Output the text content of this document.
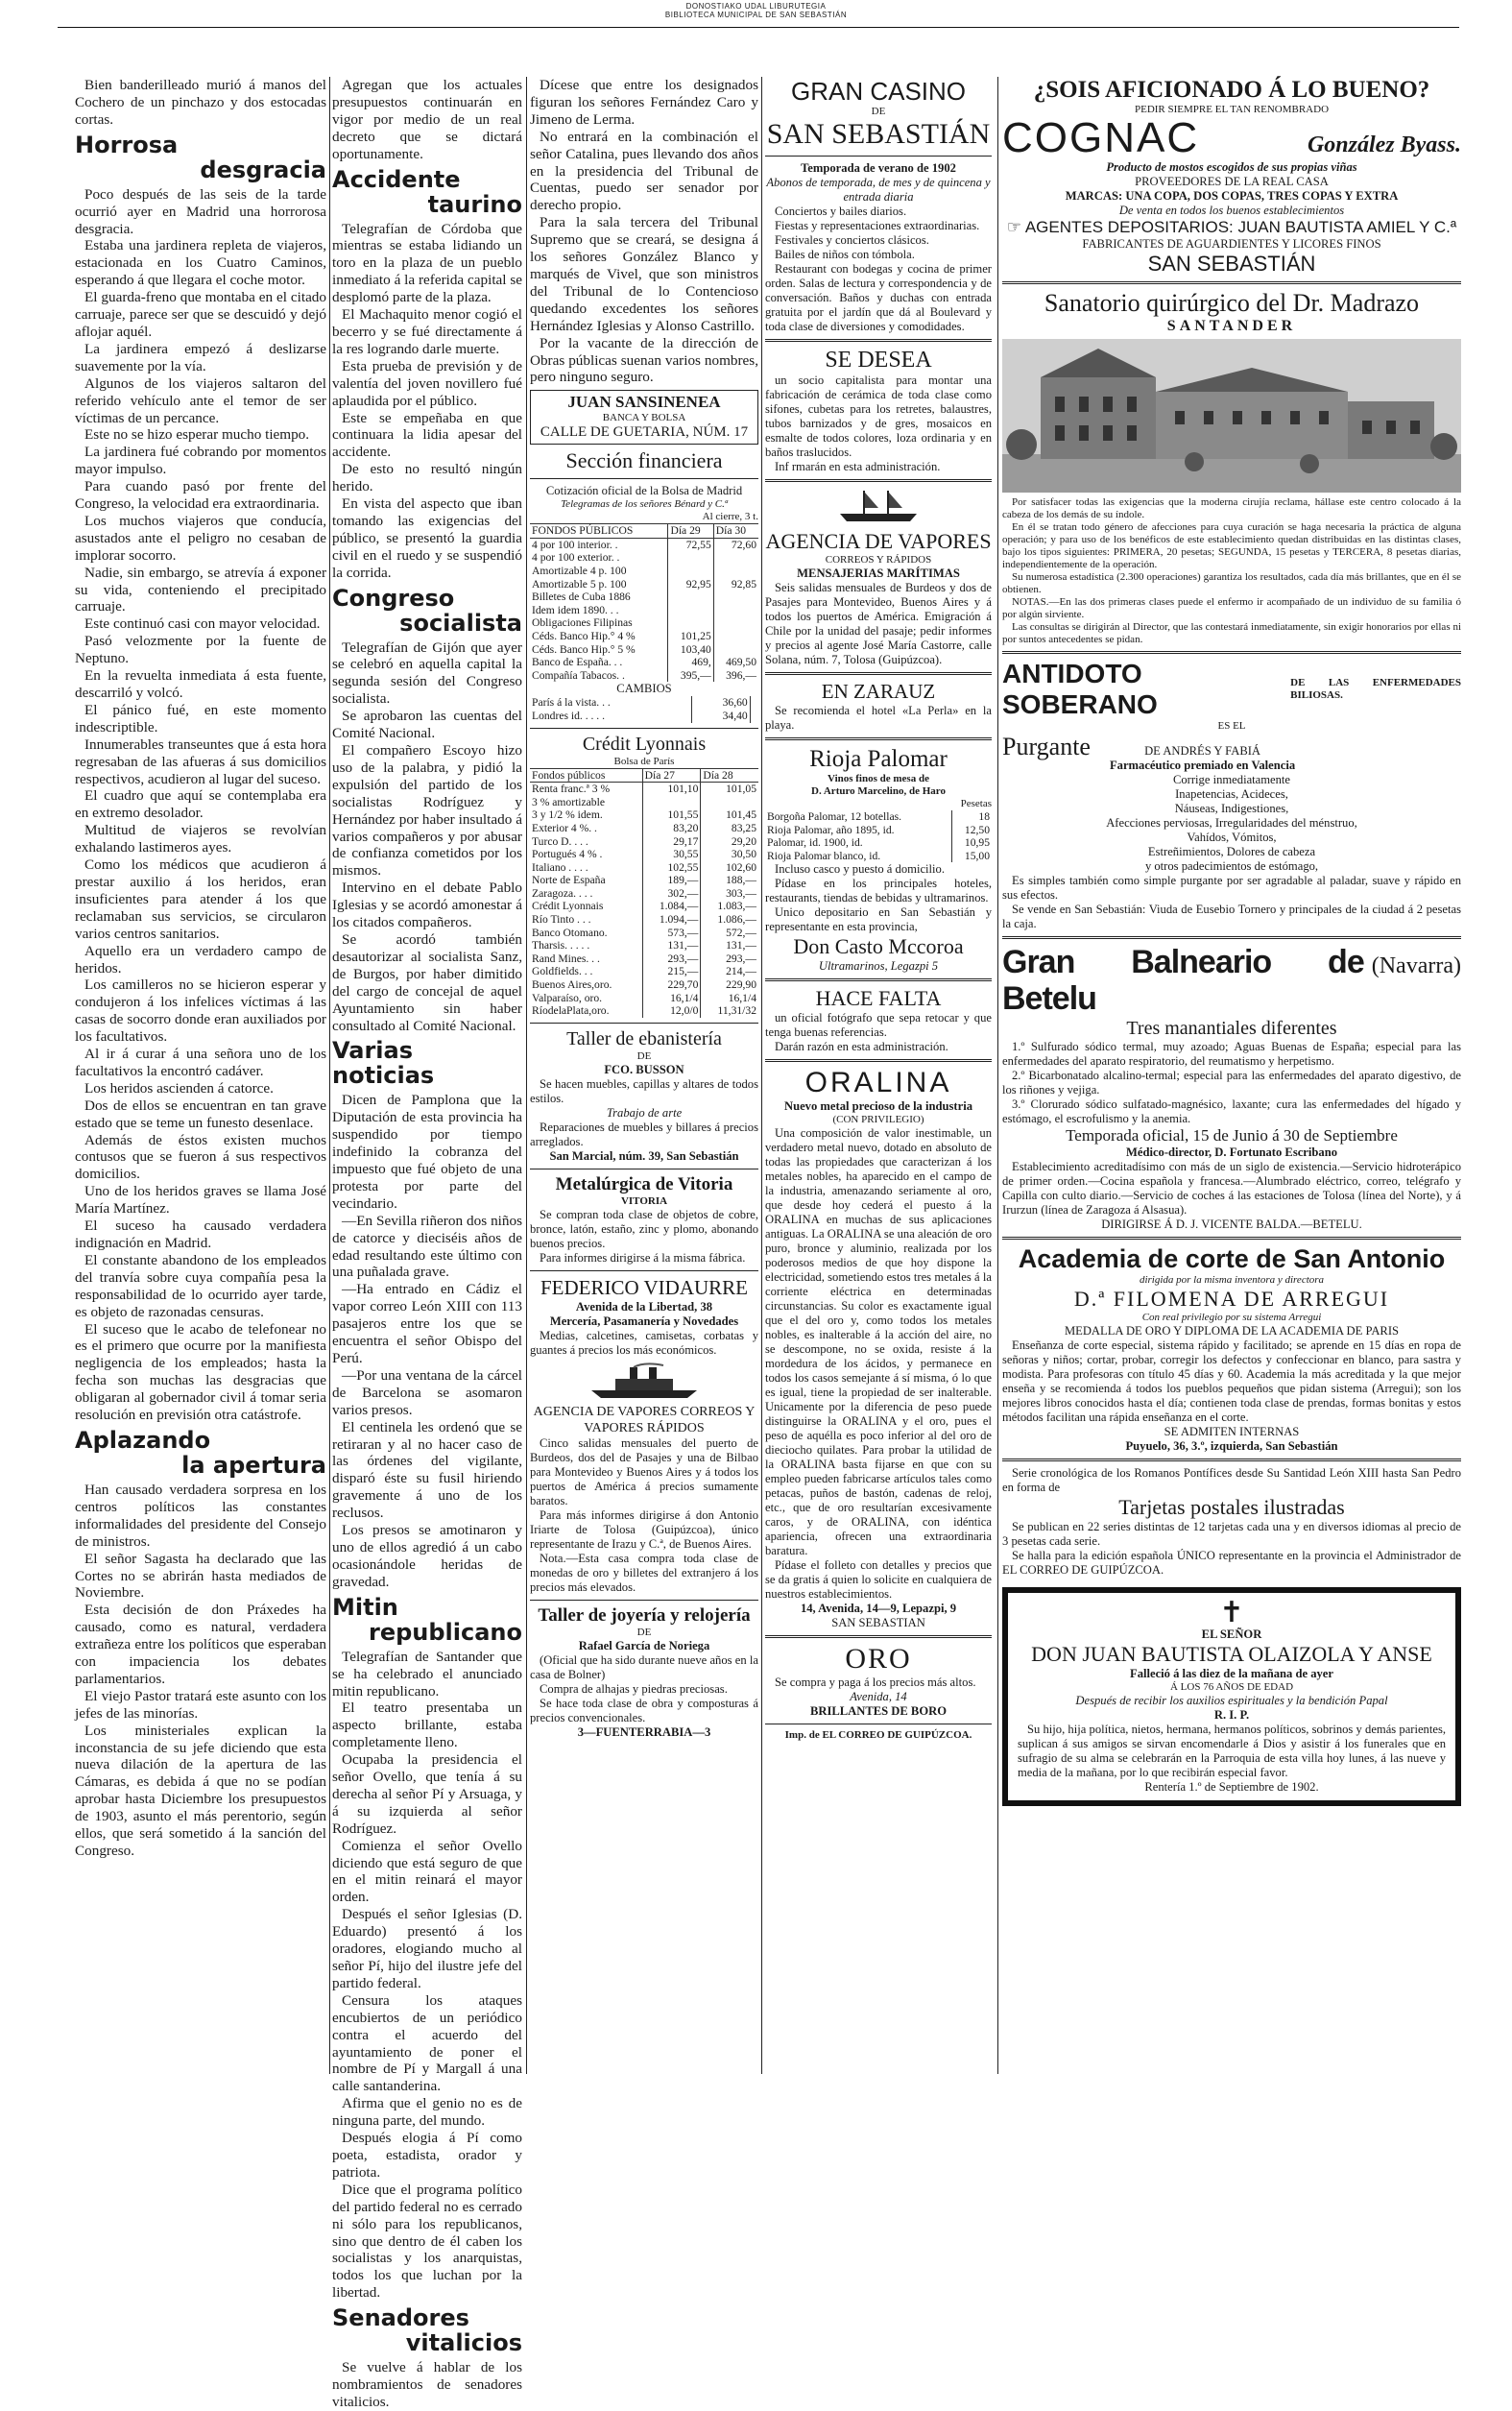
DONOSTIAKO UDAL LIBURUTEGIA
BIBLIOTECA MUNICIPAL DE SAN SEBASTIÁN

Bien banderilleado murió á manos del Cochero de un pinchazo y dos estocadas cortas.

Horrosa
desgracia

Poco después de las seis de la tarde ocurrió ayer en Madrid una horrorosa desgracia.

Estaba una jardinera repleta de viajeros, estacionada en los Cuatro Caminos, esperando á que llegara el coche motor.

El guarda-freno que montaba en el citado carruaje, parece ser que se descuidó y dejó aflojar aquél.

La jardinera empezó á deslizarse suavemente por la vía.

Algunos de los viajeros saltaron del referido vehículo ante el temor de ser víctimas de un percance.

Este no se hizo esperar mucho tiempo.

La jardinera fué cobrando por momentos mayor impulso.

Para cuando pasó por frente del Congreso, la velocidad era extraordinaria.

Los muchos viajeros que conducía, asustados ante el peligro no cesaban de implorar socorro.

Nadie, sin embargo, se atrevía á exponer su vida, conteniendo el precipitado carruaje.

Este continuó casi con mayor velocidad.

Pasó velozmente por la fuente de Neptuno.

En la revuelta inmediata á esta fuente, descarriló y volcó.

El pánico fué, en este momento indescriptible.

Innumerables transeuntes que á esta hora regresaban de las afueras á sus domicilios respectivos, acudieron al lugar del suceso.

El cuadro que aquí se contemplaba era en extremo desolador.

Multitud de viajeros se revolvían exhalando lastimeros ayes.

Como los médicos que acudieron á prestar auxilio á los heridos, eran insuficientes para atender á los que reclamaban sus servicios, se circularon varios centros sanitarios.

Aquello era un verdadero campo de heridos.

Los camilleros no se hicieron esperar y condujeron á los infelices víctimas á las casas de socorro donde eran auxiliados por los facultativos.

Al ir á curar á una señora uno de los facultativos la encontró cadáver.

Los heridos ascienden á catorce.

Dos de ellos se encuentran en tan grave estado que se teme un funesto desenlace.

Además de éstos existen muchos contusos que se fueron á sus respectivos domicilios.

Uno de los heridos graves se llama José María Martínez.

El suceso ha causado verdadera indignación en Madrid.

El constante abandono de los empleados del tranvía sobre cuya compañía pesa la responsabilidad de lo ocurrido ayer tarde, es objeto de razonadas censuras.

El suceso que le acabo de telefonear no es el primero que ocurre por la manifiesta negligencia de los empleados; hasta la fecha son muchas las desgracias que obligaran al gobernador civil á tomar seria resolución en previsión otra catástrofe.

Aplazando
la apertura

Han causado verdadera sorpresa en los centros políticos las constantes informalidades del presidente del Consejo de ministros.

El señor Sagasta ha declarado que las Cortes no se abrirán hasta mediados de Noviembre.

Esta decisión de don Práxedes ha causado, como es natural, verdadera extrañeza entre los políticos que esperaban con impaciencia los debates parlamentarios.

El viejo Pastor tratará este asunto con los jefes de las minorías.

Los ministeriales explican la inconstancia de su jefe diciendo que esta nueva dilación de la apertura de las Cámaras, es debida á que no se podían aprobar hasta Diciembre los presupuestos de 1903, asunto el más perentorio, según ellos, que será sometido á la sanción del Congreso.

Agregan que los actuales presupuestos continuarán en vigor por medio de un real decreto que se dictará oportunamente.

Accidente
taurino

Telegrafían de Córdoba que mientras se estaba lidiando un toro en la plaza de un pueblo inmediato á la referida capital se desplomó parte de la plaza.

El Machaquito menor cogió el becerro y se fué directamente á la res logrando darle muerte.

Esta prueba de previsión y de valentía del joven novillero fué aplaudida por el público.

Este se empeñaba en que continuara la lidia apesar del accidente.

De esto no resultó ningún herido.

En vista del aspecto que iban tomando las exigencias del público, se presentó la guardia civil en el ruedo y se suspendió la corrida.

Congreso
socialista

Telegrafían de Gijón que ayer se celebró en aquella capital la segunda sesión del Congreso socialista.

Se aprobaron las cuentas del Comité Nacional.

El compañero Escoyo hizo uso de la palabra, y pidió la expulsión del partido de los socialistas Rodríguez y Hernández por haber insultado á varios compañeros y por abusar de confianza cometidos por los mismos.

Intervino en el debate Pablo Iglesias y se acordó amonestar á los citados compañeros.

Se acordó también desautorizar al socialista Sanz, de Burgos, por haber dimitido del cargo de concejal de aquel Ayuntamiento sin haber consultado al Comité Nacional.

Varias noticias

Dicen de Pamplona que la Diputación de esta provincia ha suspendido por tiempo indefinido la cobranza del impuesto que fué objeto de una protesta por parte del vecindario.

—En Sevilla riñeron dos niños de catorce y dieciséis años de edad resultando este último con una puñalada grave.

—Ha entrado en Cádiz el vapor correo León XIII con 113 pasajeros entre los que se encuentra el señor Obispo del Perú.

—Por una ventana de la cárcel de Barcelona se asomaron varios presos.

El centinela les ordenó que se retiraran y al no hacer caso de las órdenes del vigilante, disparó éste su fusil hiriendo gravemente á uno de los reclusos.

Los presos se amotinaron y uno de ellos agredió á un cabo ocasionándole heridas de gravedad.

Mitin
republicano

Telegrafían de Santander que se ha celebrado el anunciado mitin republicano.

El teatro presentaba un aspecto brillante, estaba completamente lleno.

Ocupaba la presidencia el señor Ovello, que tenía á su derecha al señor Pí y Arsuaga, y á su izquierda al señor Rodríguez.

Comienza el señor Ovello diciendo que está seguro de que en el mitin reinará el mayor orden.

Después el señor Iglesias (D. Eduardo) presentó á los oradores, elogiando mucho al señor Pí, hijo del ilustre jefe del partido federal.

Censura los ataques encubiertos de un periódico contra el acuerdo del ayuntamiento de poner el nombre de Pí y Margall á una calle santanderina.

Afirma que el genio no es de ninguna parte, del mundo.

Después elogia á Pí como poeta, estadista, orador y patriota.

Dice que el programa político del partido federal no es cerrado ni sólo para los republicanos, sino que dentro de él caben los socialistas y los anarquistas, todos los que luchan por la libertad.

Senadores
vitalicios

Se vuelve á hablar de los nombramientos de senadores vitalicios.

Dícese que entre los designados figuran los señores Fernández Caro y Jimeno de Lerma.

No entrará en la combinación el señor Catalina, pues llevando dos años en la presidencia del Tribunal de Cuentas, puedo ser senador por derecho propio.

Para la sala tercera del Tribunal Supremo que se creará, se designa á los señores González Blanco y marqués de Vivel, que son ministros del Tribunal de lo Contencioso quedando excedentes los señores Hernández Iglesias y Alonso Castrillo.

Por la vacante de la dirección de Obras públicas suenan varios nombres, pero ninguno seguro.

JUAN SANSINENEA
BANCA Y BOLSA
CALLE DE GUETARIA, NÚM. 17
Sección financiera
Cotización oficial de la Bolsa de Madrid
Telegramas de los señores Bénard y C.ª
Al cierre, 3 t.
FONDOS PÚBLICOS	Día 29	Día 30
4 por 100 interior. .	72,55	72,60
4 por 100 exterior. .		
Amortizable 4 p. 100		
Amortizable 5 p. 100	92,95	92,85
Billetes de Cuba 1886		
Idem idem 1890. . .		
Obligaciones Filipinas		
Céds. Banco Hip.° 4 %	101,25	
Céds. Banco Hip.° 5 %	103,40	
Banco de España. . .	469,	469,50
Compañía Tabacos. .	395,—	396,—
CAMBIOS
París á la vista. . .	36,60	
Londres id. . . . .	34,40	
Crédit Lyonnais
Bolsa de París
Fondos públicos	Día 27	Día 28
Renta franc.ª 3 %	101,10	101,05
3 % amortizable		
3 y 1/2 % idem.	101,55	101,45
Exterior 4 %. .	83,20	83,25
Turco D. . . .	29,17	29,20
Portugués 4 % .	30,55	30,50
Italiano . . . .	102,55	102,60
Norte de España	189,—	188,—
Zaragoza. . . .	302,—	303,—
Crédit Lyonnais	1.084,—	1.083,—
Río Tinto . . .	1.094,—	1.086,—
Banco Otomano.	573,—	572,—
Tharsis. . . . .	131,—	131,—
Rand Mines. . .	293,—	293,—
Goldfields. . .	215,—	214,—
Buenos Aires,oro.	229,70	229,90
Valparaíso, oro.	16,1/4	16,1/4
RíodelaPlata,oro.	12,0/0	11,31/32
Taller de ebanistería
DE
FCO. BUSSON

Se hacen muebles, capillas y altares de todos estilos.

Trabajo de arte

Reparaciones de muebles y billares á precios arreglados.

San Marcial, núm. 39, San Sebastián
Metalúrgica de Vitoria
VITORIA

Se compran toda clase de objetos de cobre, bronce, latón, estaño, zinc y plomo, abonando buenos precios.

Para informes dirigirse á la misma fábrica.

FEDERICO VIDAURRE
Avenida de la Libertad, 38
Mercería, Pasamanería y Novedades

Medias, calcetines, camisetas, corbatas y guantes á precios los más económicos.

AGENCIA DE VAPORES CORREOS Y VAPORES RÁPIDOS

Cinco salidas mensuales del puerto de Burdeos, dos del de Pasajes y una de Bilbao para Montevideo y Buenos Aires y á todos los puertos de América á precios sumamente baratos.

Para más informes dirigirse á don Antonio Iriarte de Tolosa (Guipúzcoa), único representante de Irazu y C.ª, de Buenos Aires.

Nota.—Esta casa compra toda clase de monedas de oro y billetes del extranjero á los precios más elevados.

Taller de joyería y relojería
DE
Rafael García de Noriega

(Oficial que ha sido durante nueve años en la casa de Bolner)

Compra de alhajas y piedras preciosas.

Se hace toda clase de obra y composturas á precios convencionales.

3—FUENTERRABIA—3
GRAN CASINO
DE
SAN SEBASTIÁN
Temporada de verano de 1902
Abonos de temporada, de mes y de quincena y entrada diaria

Conciertos y bailes diarios.

Fiestas y representaciones extraordinarias.

Festivales y conciertos clásicos.

Bailes de niños con tómbola.

Restaurant con bodegas y cocina de primer orden. Salas de lectura y correspondencia y de conversación. Baños y duchas con entrada gratuita por el jardín que dá al Boulevard y toda clase de diversiones y comodidades.

SE DESEA

un socio capitalista para montar una fabricación de cerámica de toda clase como sifones, cubetas para los retretes, balaustres, tubos barnizados y de gres, mosaicos en esmalte de todos colores, loza ordinaria y en baños traslucidos.

Inf rmarán en esta administración.

AGENCIA DE VAPORES
CORREOS Y RÁPIDOS
MENSAJERIAS MARÍTIMAS

Seis salidas mensuales de Burdeos y dos de Pasajes para Montevideo, Buenos Aires y á todos los puertos de América. Emigración á Chile por la unidad del pasaje; pedir informes y precios al agente José María Castorre, calle Solana, núm. 7, Tolosa (Guipúzcoa).

EN ZARAUZ

Se recomienda el hotel «La Perla» en la playa.

Rioja Palomar
Vinos finos de mesa de
D. Arturo Marcelino, de Haro
Pesetas
Borgoña Palomar, 12 botellas.	18
Rioja Palomar, año 1895, id.	12,50
Palomar, id. 1900, id.	10,95
Rioja Palomar blanco, id.	15,00

Incluso casco y puesto á domicilio.

Pídase en los principales hoteles, restaurants, tiendas de bebidas y ultramarinos.

Unico depositario en San Sebastián y representante en esta provincia,

Don Casto Mccoroa
Ultramarinos, Legazpi 5
HACE FALTA

un oficial fotógrafo que sepa retocar y que tenga buenas referencias.

Darán razón en esta administración.

ORALINA
Nuevo metal precioso de la industria
(CON PRIVILEGIO)

Una composición de valor inestimable, un verdadero metal nuevo, dotado en absoluto de todas las propiedades que caracterizan á los metales nobles, ha aparecido en el campo de la industria, amenazando seriamente al oro, que desde hoy cederá el puesto á la ORALINA en muchas de sus aplicaciones antiguas. La ORALINA se una aleación de oro puro, bronce y aluminio, realizada por los poderosos medios de que hoy dispone la electricidad, sometiendo estos tres metales á la corriente eléctrica en determinadas circunstancias. Su color es exactamente igual que el del oro y, como todos los metales nobles, es inalterable á la acción del aire, no se descompone, no se oxida, resiste á la mordedura de los ácidos, y permanece en todos los casos semejante á sí misma, ó lo que es igual, tiene la propiedad de ser inalterable. Unicamente por la diferencia de peso puede distinguirse la ORALINA y el oro, pues el peso de aquélla es poco inferior al del oro de dieciocho quilates. Para probar la utilidad de la ORALINA basta fijarse en que con su empleo pueden fabricarse artículos tales como petacas, puños de bastón, cadenas de reloj, etc., que de oro resultarían excesivamente caros, y de ORALINA, con idéntica apariencia, ofrecen una extraordinaria baratura.

Pídase el folleto con detalles y precios que se da gratis á quien lo solicite en cualquiera de nuestros establecimientos.

14, Avenida, 14—9, Lepazpi, 9
SAN SEBASTIAN
ORO

Se compra y paga á los precios más altos.

Avenida, 14
BRILLANTES DE BORO
Imp. de EL CORREO DE GUIPÚZCOA.
¿SOIS AFICIONADO Á LO BUENO?
PEDIR SIEMPRE EL TAN RENOMBRADO
COGNAC	González Byass.
Producto de mostos escogidos de sus propias viñas
PROVEEDORES DE LA REAL CASA
MARCAS: UNA COPA, DOS COPAS, TRES COPAS Y EXTRA
De venta en todos los buenos establecimientos
☞ AGENTES DEPOSITARIOS: JUAN BAUTISTA AMIEL Y C.ª
FABRICANTES DE AGUARDIENTES Y LICORES FINOS
SAN SEBASTIÁN
Sanatorio quirúrgico del Dr. Madrazo
SANTANDER

Por satisfacer todas las exigencias que la moderna cirujía reclama, hállase este centro colocado á la cabeza de los demás de su índole.

En él se tratan todo género de afecciones para cuya curación se haga necesaria la práctica de alguna operación; y para uso de los benéficos de este establecimiento quedan distribuidas en las distintas clases, bajo los tipos siguientes: PRIMERA, 20 pesetas; SEGUNDA, 15 pesetas y TERCERA, 8 pesetas diarias, independientemente de la operación.

Su numerosa estadística (2.300 operaciones) garantiza los resultados, cada día más brillantes, que en él se obtienen.

NOTAS.—En las dos primeras clases puede el enfermo ir acompañado de un individuo de su familia ó por algún sirviente.

Las consultas se dirigirán al Director, que las contestará inmediatamente, sin exigir honorarios por ellas ni por suntos antecedentes se pidan.

ANTIDOTO SOBERANO
DE LAS ENFERMEDADES BILIOSAS.
ES EL
Purgante	DE ANDRÉS Y FABIÁ
Farmacéutico premiado en Valencia
Corrige inmediatamente
Inapetencias, Acideces,
Náuseas, Indigestiones,
Afecciones perviosas, Irregularidades del ménstruo,
Vahídos, Vómitos,
Estreñimientos, Dolores de cabeza
y otros padecimientos de estómago,

Es simples también como simple purgante por ser agradable al paladar, suave y rápido en sus efectos.

Se vende en San Sebastián: Viuda de Eusebio Tornero y principales de la ciudad á 2 pesetas la caja.

Gran Balneario de Betelu
(Navarra)
Tres manantiales diferentes

1.º Sulfurado sódico termal, muy azoado; Aguas Buenas de España; especial para las enfermedades del aparato respiratorio, del reumatismo y herpetismo.

2.º Bicarbonatado alcalino-termal; especial para las enfermedades del aparato digestivo, de los riñones y vejiga.

3.º Clorurado sódico sulfatado-magnésico, laxante; cura las enfermedades del hígado y estómago, el escrofulismo y la anemia.

Temporada oficial, 15 de Junio á 30 de Septiembre
Médico-director, D. Fortunato Escribano

Establecimiento acreditadísimo con más de un siglo de existencia.—Servicio hidroterápico de primer orden.—Cocina española y francesa.—Alumbrado eléctrico, correo, telégrafo y Capilla con culto diario.—Servicio de coches á las estaciones de Tolosa (línea del Norte), y á Irurzun (línea de Zaragoza á Alsasua).

DIRIGIRSE Á D. J. VICENTE BALDA.—BETELU.
Academia de corte de San Antonio
dirigida por la misma inventora y directora
D.ª FILOMENA DE ARREGUI
Con real privilegio por su sistema Arregui
MEDALLA DE ORO Y DIPLOMA DE LA ACADEMIA DE PARIS

Enseñanza de corte especial, sistema rápido y facilitado; se aprende en 15 días en ropa de señoras y niños; cortar, probar, corregir los defectos y confeccionar en blanco, para sastra y modista. Para profesoras con título 45 días y 60. Academia la más acreditada y la que mejor enseña y se recomienda á todos los pueblos pequeños que pidan sistema (Arregui); son los mejores libros conocidos hasta el día; contienen toda clase de prendas, formas bonitas y estos métodos facilitan una rápida enseñanza en el corte.

SE ADMITEN INTERNAS
Puyuelo, 36, 3.º, izquierda, San Sebastián

Serie cronológica de los Romanos Pontífices desde Su Santidad León XIII hasta San Pedro en forma de

Tarjetas postales ilustradas

Se publican en 22 series distintas de 12 tarjetas cada una y en diversos idiomas al precio de 3 pesetas cada serie.

Se halla para la edición española ÚNICO representante en la provincia el Administrador de EL CORREO DE GUIPÚZCOA.

✝
EL SEÑOR
DON JUAN BAUTISTA OLAIZOLA Y ANSE
Falleció á las diez de la mañana de ayer
Á LOS 76 AÑOS DE EDAD
Después de recibir los auxilios espirituales y la bendición Papal
R. I. P.

Su hijo, hija política, nietos, hermana, hermanos políticos, sobrinos y demás parientes, suplican á sus amigos se sirvan encomendarle á Dios y asistir á los funerales que en sufragio de su alma se celebrarán en la Parroquia de esta villa hoy lunes, á las nueve y media de la mañana, por lo que recibirán especial favor.

Rentería 1.º de Septiembre de 1902.
